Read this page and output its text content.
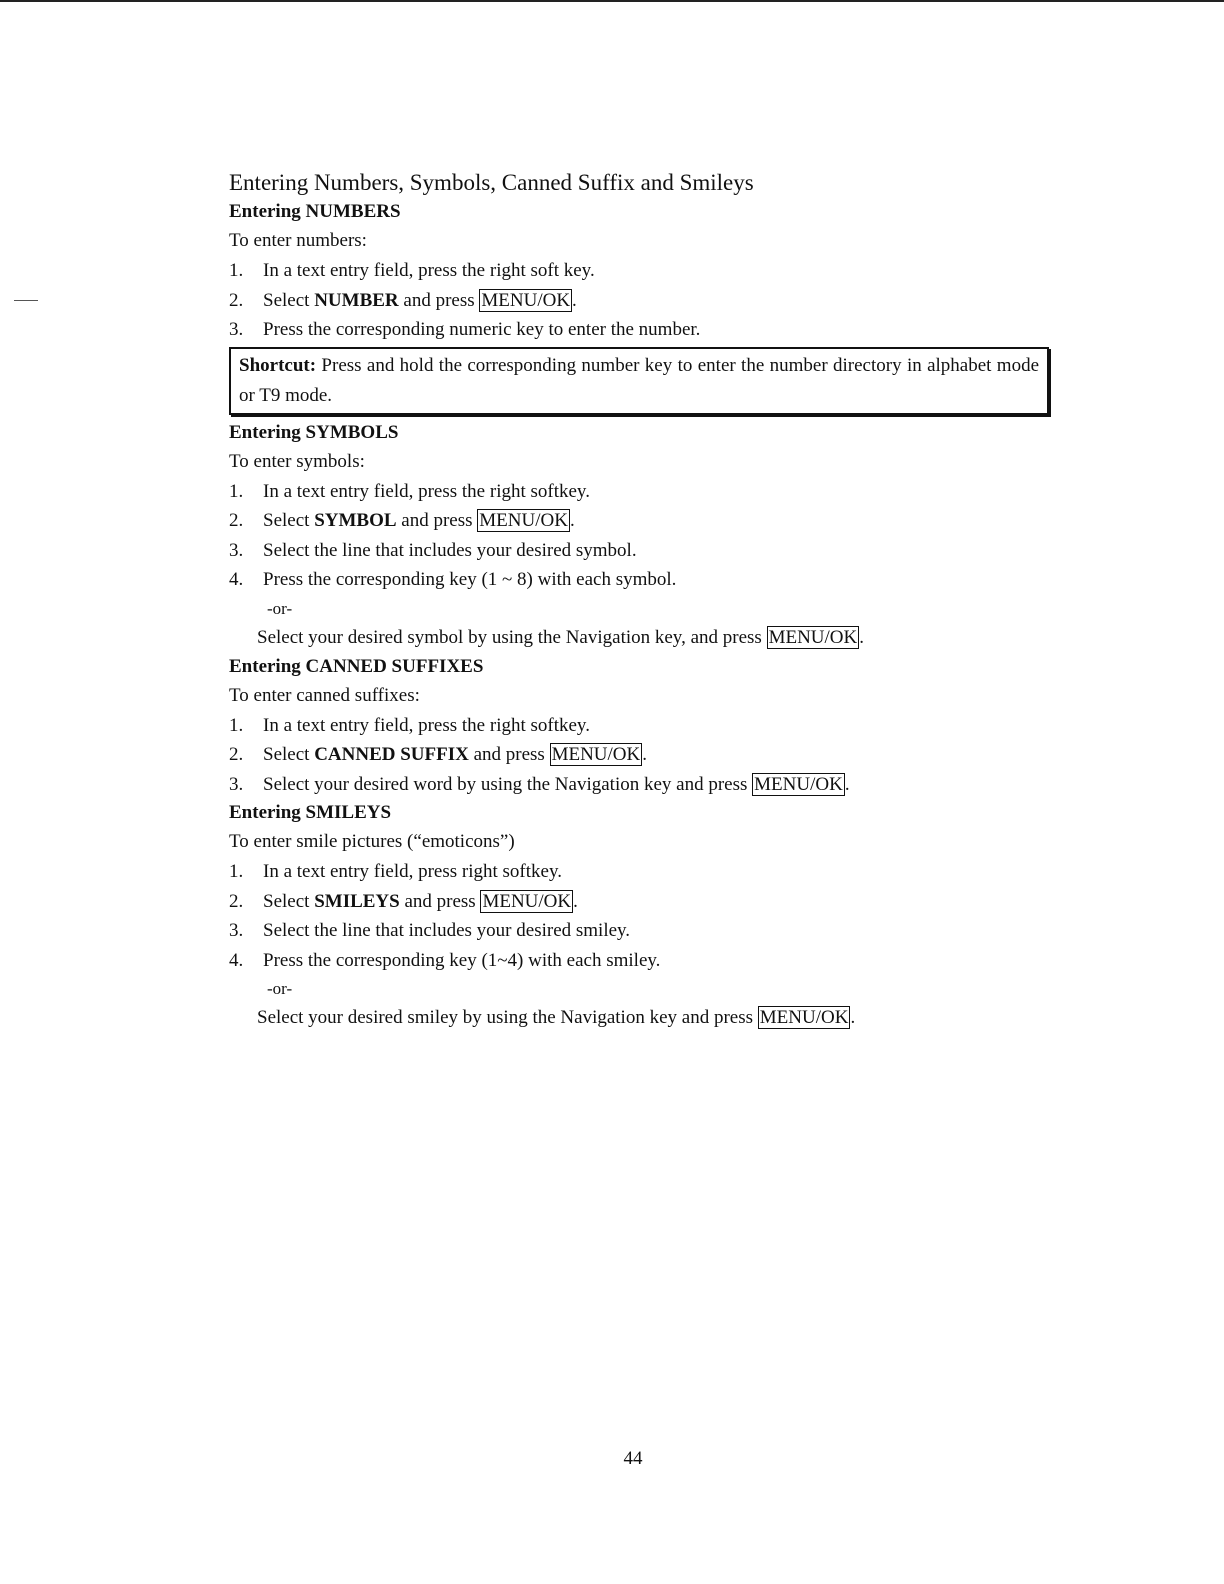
Entering Numbers, Symbols, Canned Suffix and Smileys

Entering NUMBERS

To enter numbers:

1. In a text entry field, press the right soft key.

2. Select NUMBER and press MENU/OK .

3. Press the corresponding numeric key to enter the number.

Shortcut: Press and hold the corresponding number key to enter the number directory in alphabet mode or T9 mode.

Entering SYMBOLS

To enter symbols:

1. In a text entry field, press the right softkey.

2. Select SYMBOL and press MENU/OK .

3. Select the line that includes your desired symbol.

4. Press the corresponding key (1 ~ 8) with each symbol.

-or-

Select your desired symbol by using the Navigation key, and press MENU/OK .

Entering CANNED SUFFIXES

To enter canned suffixes:

1. In a text entry field, press the right softkey.

2. Select CANNED SUFFIX and press MENU/OK .

3. Select your desired word by using the Navigation key and press MENU/OK .

Entering SMILEYS

To enter smile pictures (“emoticons”)

1. In a text entry field, press right softkey.

2. Select SMILEYS and press MENU/OK .

3. Select the line that includes your desired smiley.

4. Press the corresponding key (1~4) with each smiley.

-or-

Select your desired smiley by using the Navigation key and press MENU/OK .

44
